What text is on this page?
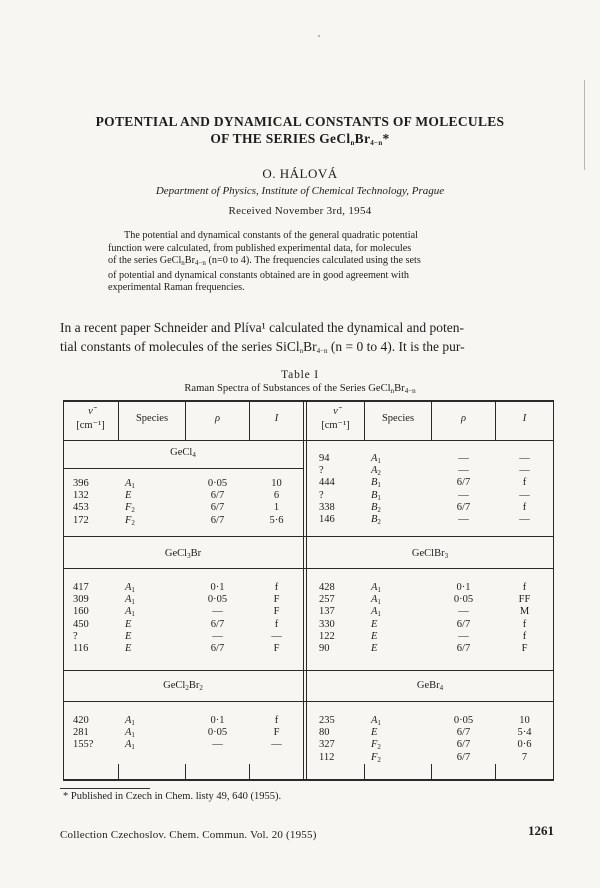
POTENTIAL AND DYNAMICAL CONSTANTS OF MOLECULES
OF THE SERIES $GeCl_nBr_{4-n}*$
O. HÁLOVÁ
Department of Physics, Institute of Chemical Technology, Prague
Received November 3rd, 1954
The potential and dynamical constants of the general quadratic potential
function were calculated, from published experimental data, for molecules
of the series $GeCl_nBr_{4-n}$ (n=0 to 4). The frequencies calculated using the sets
of potential and dynamical constants obtained are in good agreement with
experimental Raman frequencies.
In a recent paper Schneider and Plíva¹ calculated the dynamical and poten-
tial constants of molecules of the series $SiCl_nBr_{4-n}$ (n = 0 to 4). It is the pur-
Table I
Raman Spectra of Substances of the Series $GeCl_nBr_{4-n}$
ν̃
[cm⁻¹]
Species	ρ	I
ν̃
[cm⁻¹]
Species	ρ	I
GeCl$_4$
GeCl$_3$Br	GeClBr$_3$
$GeCl_2Br_2$	GeBr$_4$
396	$A_1$	0·05	10
132	E	6/7	6
453	$F_2$	6/7	1
172	$F_2$	6/7	5·6
94	$A_1$	—	—
?	$A_2$	—	—
444	$B_1$	6/7	f
?	$B_1$	—	—
338	$B_2$	6/7	f
146	$B_2$	—	—
417	$A_1$	0·1	f
309	$A_1$	0·05	F
160	$A_1$	—	F
450	E	6/7	f
?	E	—	—
116	E	6/7	F
428	$A_1$	0·1	f
257	$A_1$	0·05	FF
137	$A_1$	—	M
330	E	6/7	f
122	E	—	f
90	E	6/7	F
420	$A_1$	0·1	f
281	$A_1$	0·05	F
155?	$A_1$	—	—
235	$A_1$	0·05	10
80	E	6/7	5·4
327	$F_2$	6/7	0·6
112	$F_2$	6/7	7
* Published in Czech in Chem. listy 49, 640 (1955).
Collection Czechoslov. Chem. Commun. Vol. 20 (1955)	1261
